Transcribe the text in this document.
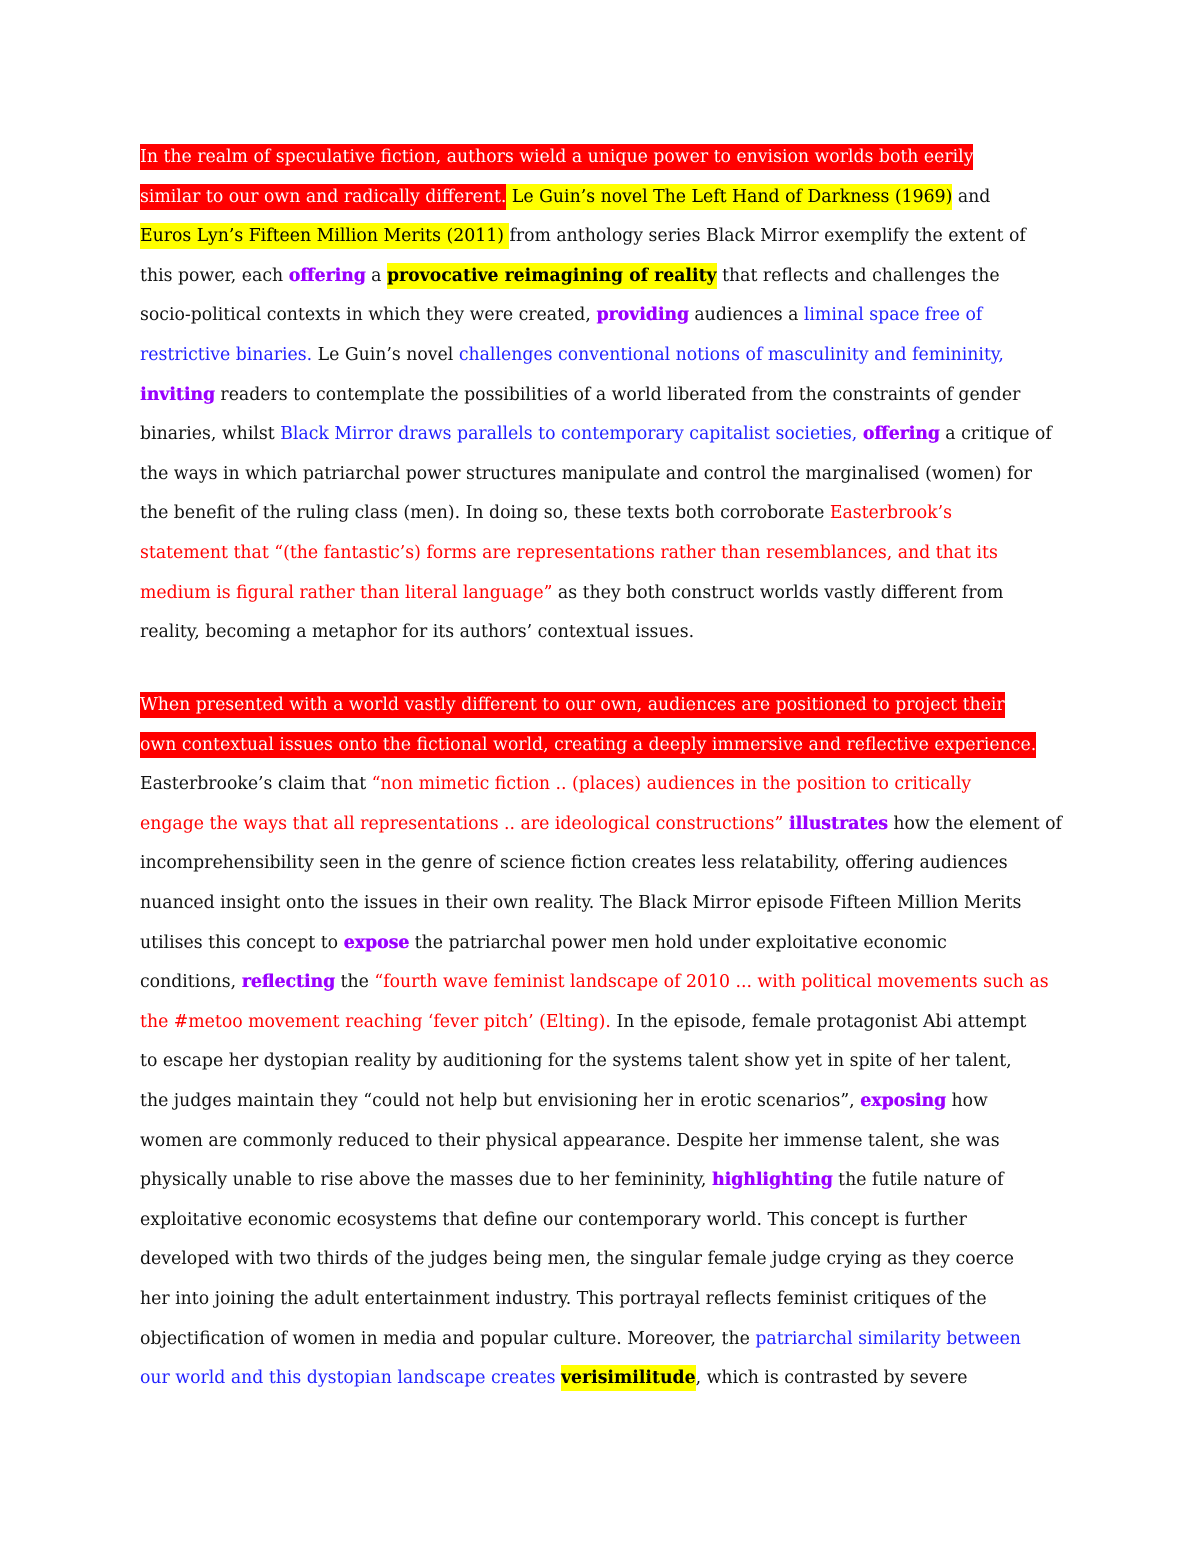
In the realm of speculative fiction, authors wield a unique power to envision worlds both eerily
similar to our own and radically different. Le Guin’s novel The Left Hand of Darkness (1969) and
Euros Lyn’s Fifteen Million Merits (2011) from anthology series Black Mirror exemplify the extent of
this power, each offering a provocative reimagining of reality that reflects and challenges the
socio-political contexts in which they were created, providing audiences a liminal space free of
restrictive binaries. Le Guin’s novel challenges conventional notions of masculinity and femininity,
inviting readers to contemplate the possibilities of a world liberated from the constraints of gender
binaries, whilst Black Mirror draws parallels to contemporary capitalist societies, offering a critique of
the ways in which patriarchal power structures manipulate and control the marginalised (women) for
the benefit of the ruling class (men). In doing so, these texts both corroborate Easterbrook’s
statement that “(the fantastic’s) forms are representations rather than resemblances, and that its
medium is figural rather than literal language” as they both construct worlds vastly different from
reality, becoming a metaphor for its authors’ contextual issues.
When presented with a world vastly different to our own, audiences are positioned to project their
own contextual issues onto the fictional world, creating a deeply immersive and reflective experience.
Easterbrooke’s claim that “non mimetic fiction .. (places) audiences in the position to critically
engage the ways that all representations .. are ideological constructions” illustrates how the element of
incomprehensibility seen in the genre of science fiction creates less relatability, offering audiences
nuanced insight onto the issues in their own reality. The Black Mirror episode Fifteen Million Merits
utilises this concept to expose the patriarchal power men hold under exploitative economic
conditions, reflecting the “fourth wave feminist landscape of 2010 ... with political movements such as
the #metoo movement reaching ‘fever pitch’ (Elting). In the episode, female protagonist Abi attempt
to escape her dystopian reality by auditioning for the systems talent show yet in spite of her talent,
the judges maintain they “could not help but envisioning her in erotic scenarios”, exposing how
women are commonly reduced to their physical appearance. Despite her immense talent, she was
physically unable to rise above the masses due to her femininity, highlighting the futile nature of
exploitative economic ecosystems that define our contemporary world. This concept is further
developed with two thirds of the judges being men, the singular female judge crying as they coerce
her into joining the adult entertainment industry. This portrayal reflects feminist critiques of the
objectification of women in media and popular culture. Moreover, the patriarchal similarity between
our world and this dystopian landscape creates verisimilitude, which is contrasted by severe
